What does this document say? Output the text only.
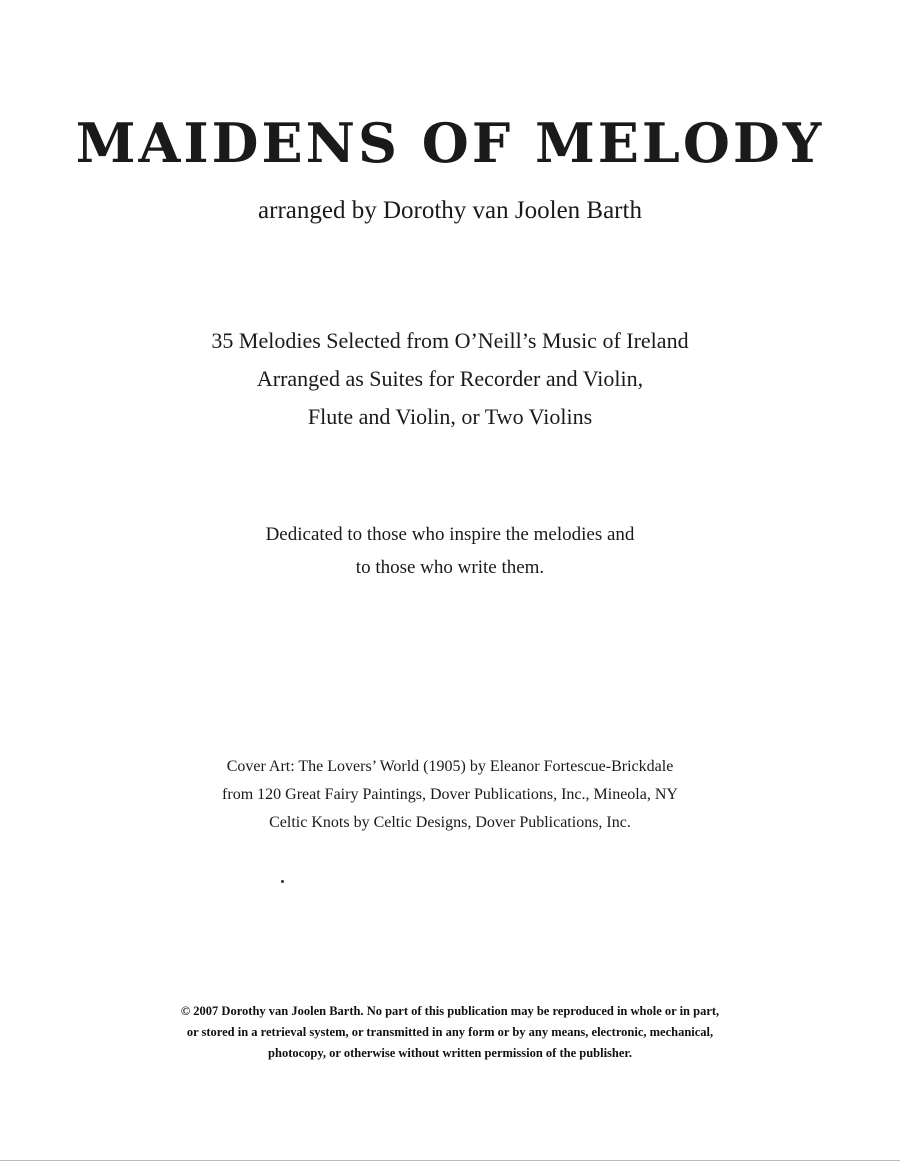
MAIDENS OF MELODY
arranged by Dorothy van Joolen Barth
35 Melodies Selected from O’Neill’s Music of Ireland
Arranged as Suites for Recorder and Violin,
Flute and Violin, or Two Violins
Dedicated to those who inspire the melodies and
to those who write them.
Cover Art: The Lovers’ World (1905) by Eleanor Fortescue-Brickdale
from 120 Great Fairy Paintings, Dover Publications, Inc., Mineola, NY
Celtic Knots by Celtic Designs, Dover Publications, Inc.
© 2007 Dorothy van Joolen Barth. No part of this publication may be reproduced in whole or in part,
or stored in a retrieval system, or transmitted in any form or by any means, electronic, mechanical,
photocopy, or otherwise without written permission of the publisher.
